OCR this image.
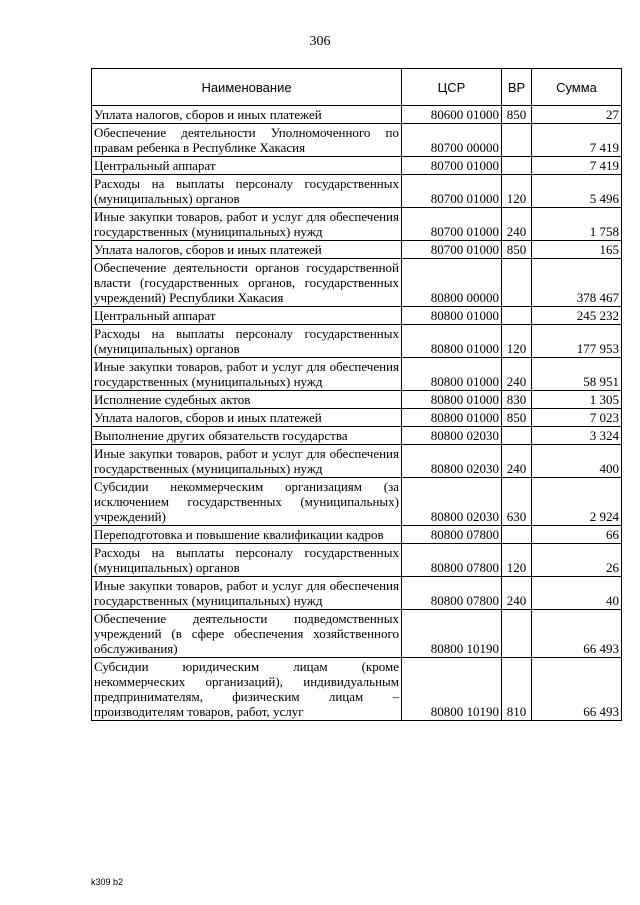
306
Наименование	ЦСР	ВР	Сумма
Уплата налогов, сборов и иных платежей	80600 01000	850	27
Обеспечение деятельности Уполномоченного по правам ребенка в Республике Хакасия	80700 00000		7 419
Центральный аппарат	80700 01000		7 419
Расходы на выплаты персоналу государственных (муниципальных) органов	80700 01000	120	5 496
Иные закупки товаров, работ и услуг для обеспечения государственных (муниципальных) нужд	80700 01000	240	1 758
Уплата налогов, сборов и иных платежей	80700 01000	850	165
Обеспечение деятельности органов государственной власти (государственных органов, государственных учреждений) Республики Хакасия	80800 00000		378 467
Центральный аппарат	80800 01000		245 232
Расходы на выплаты персоналу государственных (муниципальных) органов	80800 01000	120	177 953
Иные закупки товаров, работ и услуг для обеспечения государственных (муниципальных) нужд	80800 01000	240	58 951
Исполнение судебных актов	80800 01000	830	1 305
Уплата налогов, сборов и иных платежей	80800 01000	850	7 023
Выполнение других обязательств государства	80800 02030		3 324
Иные закупки товаров, работ и услуг для обеспечения государственных (муниципальных) нужд	80800 02030	240	400
Субсидии некоммерческим организациям (за исключением государственных (муниципальных) учреждений)	80800 02030	630	2 924
Переподготовка и повышение квалификации кадров	80800 07800		66
Расходы на выплаты персоналу государственных (муниципальных) органов	80800 07800	120	26
Иные закупки товаров, работ и услуг для обеспечения государственных (муниципальных) нужд	80800 07800	240	40
Обеспечение деятельности подведомственных учреждений (в сфере обеспечения хозяйственного обслуживания)	80800 10190		66 493
Субсидии юридическим лицам (кроме некоммерческих организаций), индивидуальным предпринимателям, физическим лицам – производителям товаров, работ, услуг	80800 10190	810	66 493
k309 b2
